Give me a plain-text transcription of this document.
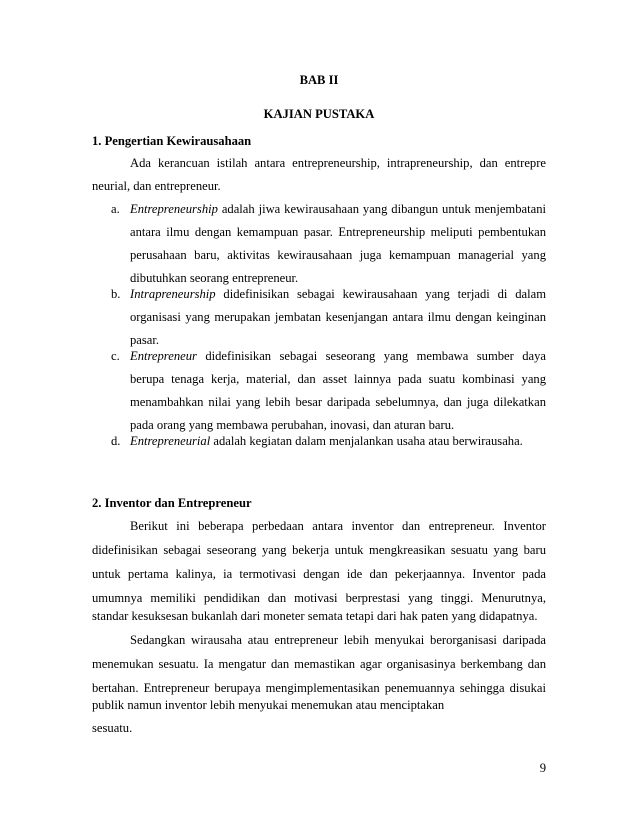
BAB II
KAJIAN PUSTAKA
1. Pengertian Kewirausahaan
Ada kerancuan istilah antara entrepreneurship, intrapreneurship, dan entrepre
neurial, dan entrepreneur.
a. Entrepreneurship adalah jiwa kewirausahaan yang dibangun untuk menjembatani
antara ilmu dengan kemampuan pasar. Entrepreneurship meliputi pembentukan
perusahaan baru, aktivitas kewirausahaan juga kemampuan managerial yang
dibutuhkan seorang entrepreneur.
b. Intrapreneurship didefinisikan sebagai kewirausahaan yang terjadi di dalam
organisasi yang merupakan jembatan kesenjangan antara ilmu dengan keinginan
pasar.
c. Entrepreneur didefinisikan sebagai seseorang yang membawa sumber daya
berupa tenaga kerja, material, dan asset lainnya pada suatu kombinasi yang
menambahkan nilai yang lebih besar daripada sebelumnya, dan juga dilekatkan
pada orang yang membawa perubahan, inovasi, dan aturan baru.
d. Entrepreneurial adalah kegiatan dalam menjalankan usaha atau berwirausaha.
2. Inventor dan Entrepreneur
Berikut ini beberapa perbedaan antara inventor dan entrepreneur. Inventor
didefinisikan sebagai seseorang yang bekerja untuk mengkreasikan sesuatu yang baru
untuk pertama kalinya, ia termotivasi dengan ide dan pekerjaannya. Inventor pada
umumnya memiliki pendidikan dan motivasi berprestasi yang tinggi. Menurutnya,
standar kesuksesan bukanlah dari moneter semata tetapi dari hak paten yang didapatnya.
Sedangkan wirausaha atau entrepreneur lebih menyukai berorganisasi daripada
menemukan sesuatu. Ia mengatur dan memastikan agar organisasinya berkembang dan
bertahan. Entrepreneur berupaya mengimplementasikan penemuannya sehingga disukai
publik namun inventor lebih menyukai menemukan atau menciptakan
sesuatu.
9
